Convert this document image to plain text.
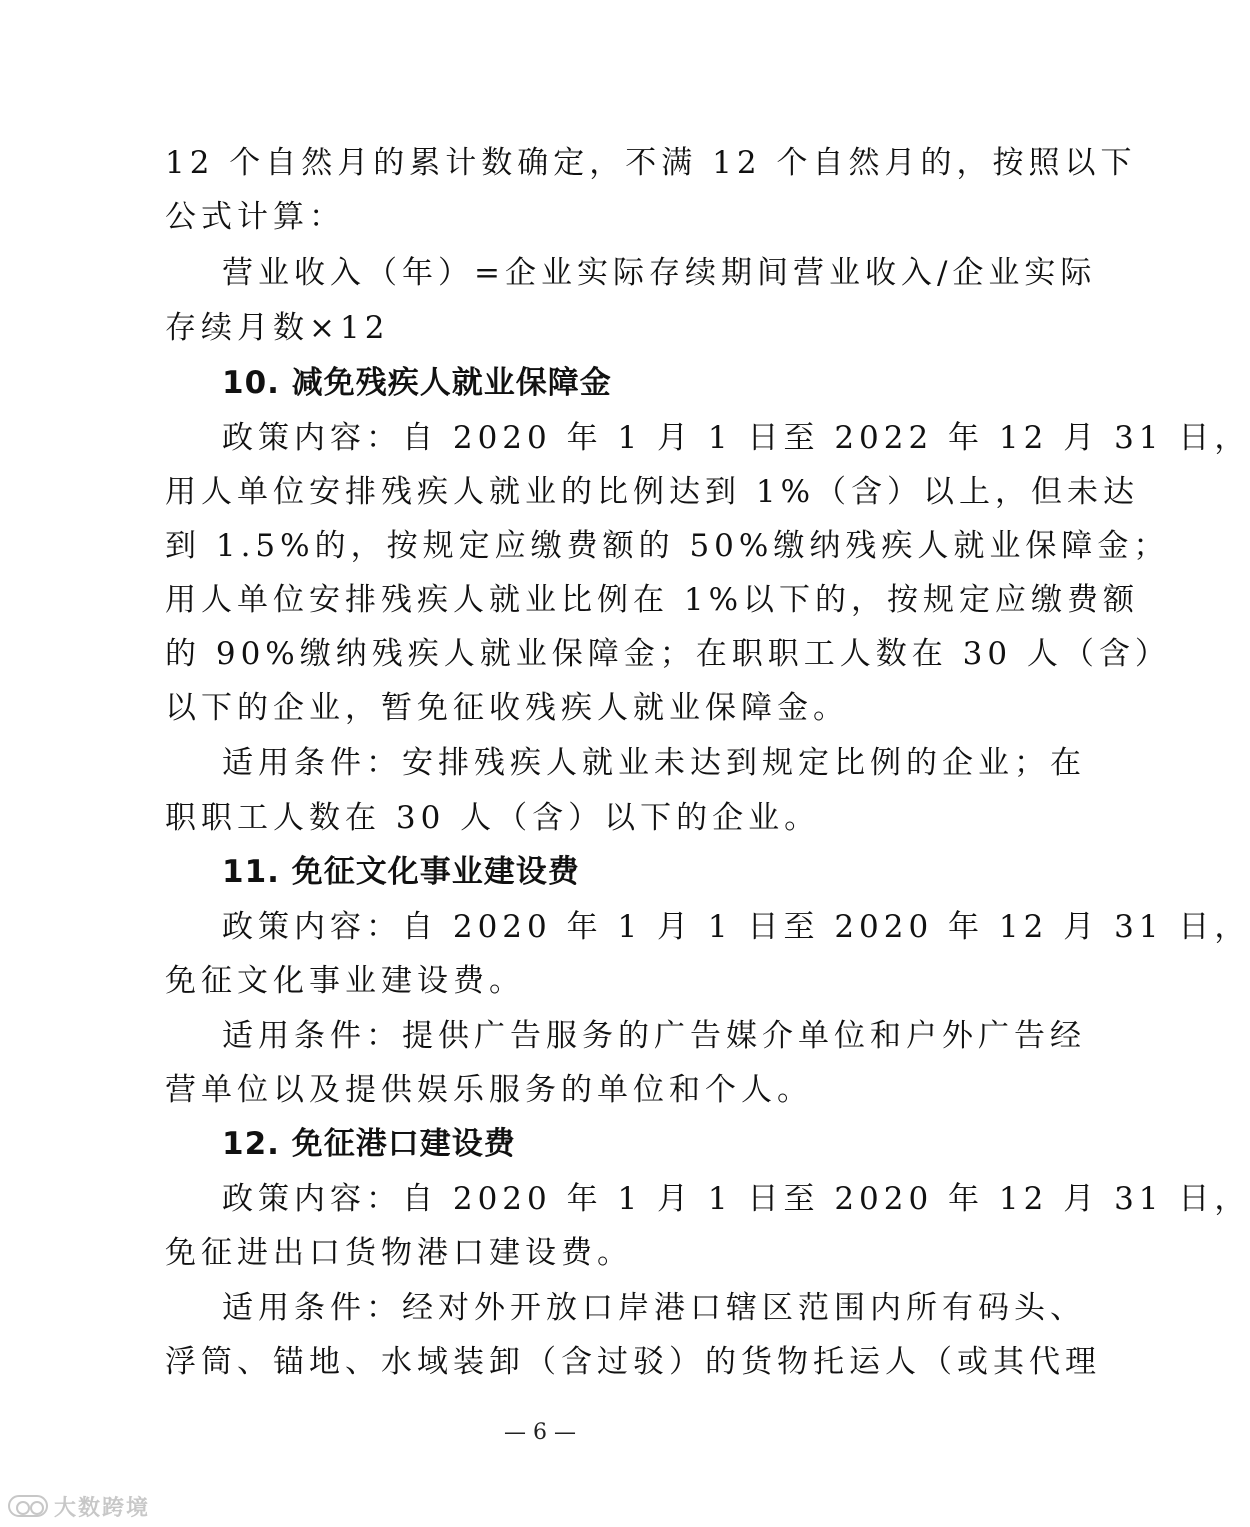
12 个自然月的累计数确定，不满 12 个自然月的，按照以下
公式计算：
营业收入（年）=企业实际存续期间营业收入/企业实际
存续月数×12
10. 减免残疾人就业保障金
政策内容：自 2020 年 1 月 1 日至 2022 年 12 月 31 日，
用人单位安排残疾人就业的比例达到 1%（含）以上，但未达
到 1.5%的，按规定应缴费额的 50%缴纳残疾人就业保障金；
用人单位安排残疾人就业比例在 1%以下的，按规定应缴费额
的 90%缴纳残疾人就业保障金；在职职工人数在 30 人（含）
以下的企业，暂免征收残疾人就业保障金。
适用条件：安排残疾人就业未达到规定比例的企业；在
职职工人数在 30 人（含）以下的企业。
11. 免征文化事业建设费
政策内容：自 2020 年 1 月 1 日至 2020 年 12 月 31 日，
免征文化事业建设费。
适用条件：提供广告服务的广告媒介单位和户外广告经
营单位以及提供娱乐服务的单位和个人。
12. 免征港口建设费
政策内容：自 2020 年 1 月 1 日至 2020 年 12 月 31 日，
免征进出口货物港口建设费。
适用条件：经对外开放口岸港口辖区范围内所有码头、
浮筒、锚地、水域装卸（含过驳）的货物托运人（或其代理
— 6 —
大数跨境
